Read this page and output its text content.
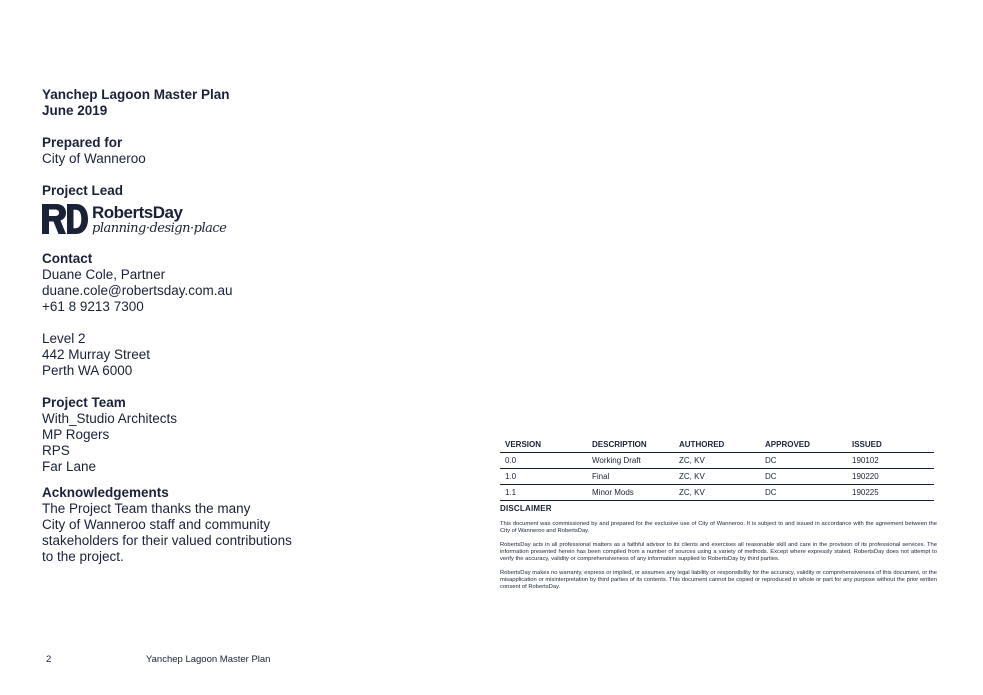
Yanchep Lagoon Master Plan
June 2019
Prepared for
City of Wanneroo
Project Lead
RobertsDay
planning·design·place
Contact
Duane Cole, Partner
duane.cole@robertsday.com.au
+61 8 9213 7300
Level 2
442 Murray Street
Perth WA 6000
Project Team
With_Studio Architects
MP Rogers
RPS
Far Lane
Acknowledgements
The Project Team thanks the many
City of Wanneroo staff and community
stakeholders for their valued contributions
to the project.
VERSION	DESCRIPTION	AUTHORED	APPROVED	ISSUED
0.0	Working Draft	ZC, KV	DC	190102
1.0	Final	ZC, KV	DC	190220
1.1	Minor Mods	ZC, KV	DC	190225
DISCLAIMER

This document was commissioned by and prepared for the exclusive use of City of Wanneroo. It is subject to and issued in accordance with the agreement between the City of Wanneroo and RobertsDay.

RobertsDay acts in all professional matters as a faithful advisor to its clients and exercises all reasonable skill and care in the provision of its professional services. The information presented herein has been compiled from a number of sources using a variety of methods. Except where expressly stated, RobertsDay does not attempt to verify the accuracy, validity or comprehensiveness of any information supplied to RobertsDay by third parties.

RobertsDay makes no warranty, express or implied, or assumes any legal liability or responsibility for the accuracy, validity or comprehensiveness of this document, or the misapplication or misinterpretation by third parties of its contents. This document cannot be copied or reproduced in whole or part for any purpose without the prior written consent of RobertsDay.

2	Yanchep Lagoon Master Plan
